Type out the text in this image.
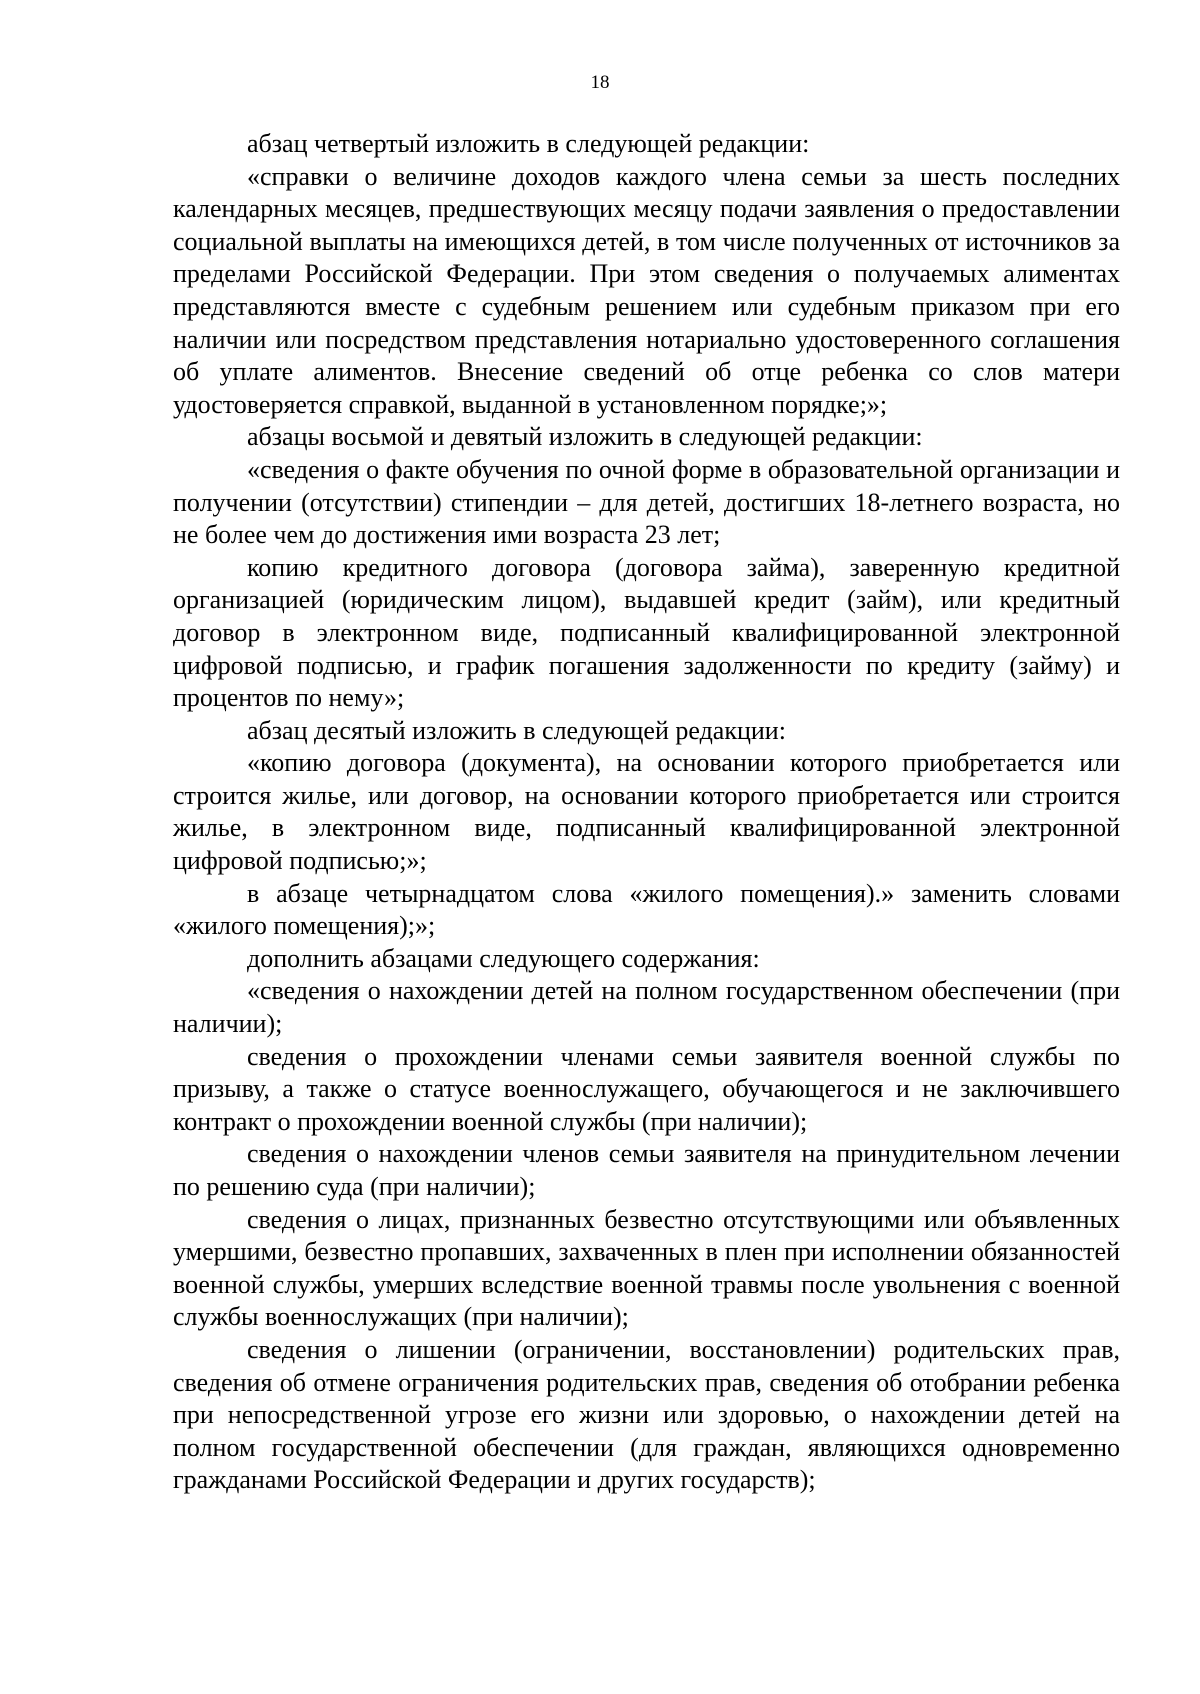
18

абзац четвертый изложить в следующей редакции:

«справки о величине доходов каждого члена семьи за шесть последних календарных месяцев, предшествующих месяцу подачи заявления о предоставлении социальной выплаты на имеющихся детей, в том числе полученных от источников за пределами Российской Федерации. При этом сведения о получаемых алиментах представляются вместе с судебным решением или судебным приказом при его наличии или посредством представления нотариально удостоверенного соглашения об уплате алиментов. Внесение сведений об отце ребенка со слов матери удостоверяется справкой, выданной в установленном порядке;»;

абзацы восьмой и девятый изложить в следующей редакции:

«сведения о факте обучения по очной форме в образовательной организации и получении (отсутствии) стипендии – для детей, достигших 18-летнего возраста, но не более чем до достижения ими возраста 23 лет;

копию кредитного договора (договора займа), заверенную кредитной организацией (юридическим лицом), выдавшей кредит (займ), или кредитный договор в электронном виде, подписанный квалифицированной электронной цифровой подписью, и график погашения задолженности по кредиту (займу) и процентов по нему»;

абзац десятый изложить в следующей редакции:

«копию договора (документа), на основании которого приобретается или строится жилье, или договор, на основании которого приобретается или строится жилье, в электронном виде, подписанный квалифицированной электронной цифровой подписью;»;

в абзаце четырнадцатом слова «жилого помещения).» заменить словами «жилого помещения);»;

дополнить абзацами следующего содержания:

«сведения о нахождении детей на полном государственном обеспечении (при наличии);

сведения о прохождении членами семьи заявителя военной службы по призыву, а также о статусе военнослужащего, обучающегося и не заключившего контракт о прохождении военной службы (при наличии);

сведения о нахождении членов семьи заявителя на принудительном лечении по решению суда (при наличии);

сведения о лицах, признанных безвестно отсутствующими или объявленных умершими, безвестно пропавших, захваченных в плен при исполнении обязанностей военной службы, умерших вследствие военной травмы после увольнения с военной службы военнослужащих (при наличии);

сведения о лишении (ограничении, восстановлении) родительских прав, сведения об отмене ограничения родительских прав, сведения об отобрании ребенка при непосредственной угрозе его жизни или здоровью, о нахождении детей на полном государственной обеспечении (для граждан, являющихся одновременно гражданами Российской Федерации и других государств);
